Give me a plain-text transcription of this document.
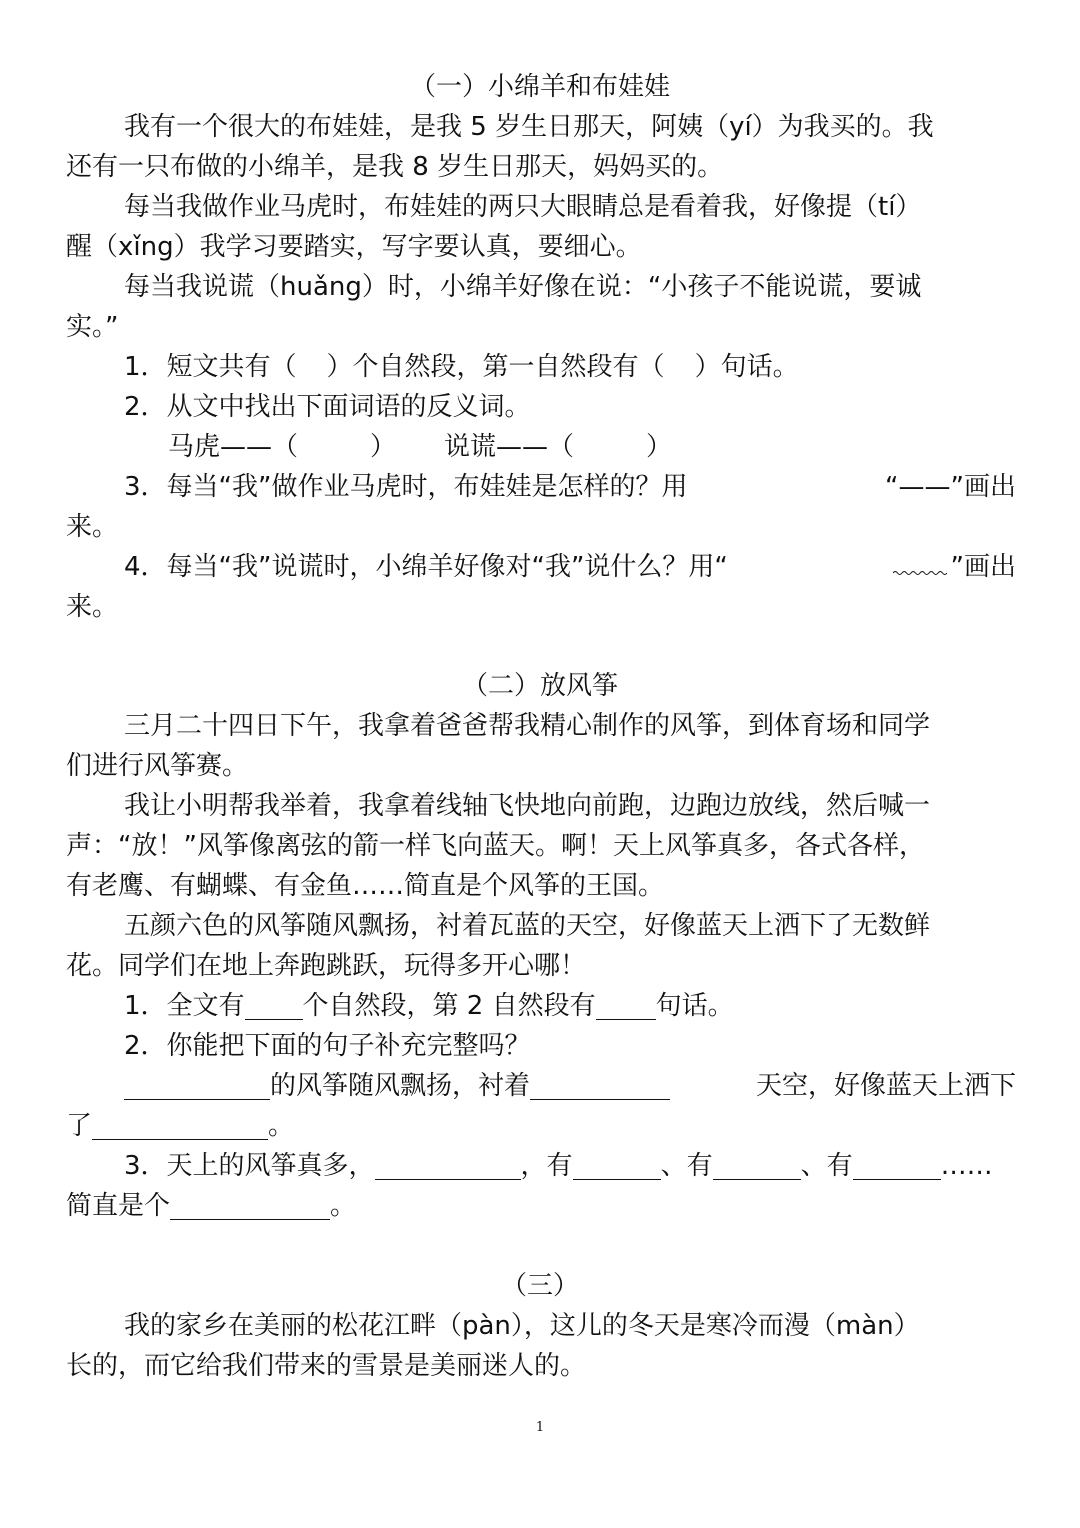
（一）小绵羊和布娃娃
我有一个很大的布娃娃，是我 5 岁生日那天，阿姨（yí）为我买的。我
还有一只布做的小绵羊，是我 8 岁生日那天，妈妈买的。
每当我做作业马虎时，布娃娃的两只大眼睛总是看着我，好像提（tí）
醒（xǐng）我学习要踏实，写字要认真，要细心。
每当我说谎（huǎng）时，小绵羊好像在说：“小孩子不能说谎，要诚
实。”
1．短文共有（ ）个自然段，第一自然段有（ ）句话。
2．从文中找出下面词语的反义词。
马虎——（	） 说谎——（	）
3．每当“我”做作业马虎时，布娃娃是怎样的？用	“——”画出
来。
4．每当“我”说谎时，小绵羊好像对“我”说什么？用“	”画出
来。
（二）放风筝
三月二十四日下午，我拿着爸爸帮我精心制作的风筝，到体育场和同学
们进行风筝赛。
我让小明帮我举着，我拿着线轴飞快地向前跑，边跑边放线，然后喊一
声：“放！”风筝像离弦的箭一样飞向蓝天。啊！天上风筝真多，各式各样，
有老鹰、有蝴蝶、有金鱼……简直是个风筝的王国。
五颜六色的风筝随风飘扬，衬着瓦蓝的天空，好像蓝天上洒下了无数鲜
花。同学们在地上奔跑跳跃，玩得多开心哪！
1．全文有 个自然段，第 2 自然段有 句话。
2．你能把下面的句子补充完整吗？
的风筝随风飘扬，衬着	天空，好像蓝天上洒下
了	。
3．天上的风筝真多，	，有	、有	、有	……
简直是个	。
（三）
我的家乡在美丽的松花江畔（pàn），这儿的冬天是寒冷而漫（màn）
长的，而它给我们带来的雪景是美丽迷人的。
1
